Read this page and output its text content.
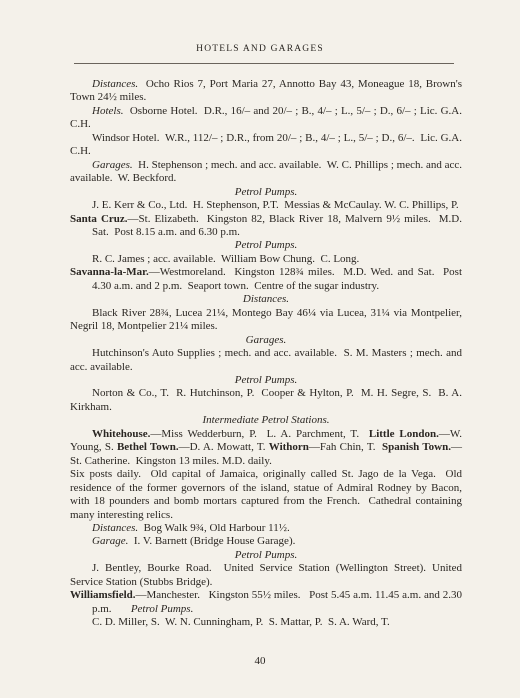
HOTELS AND GARAGES

Distances.  Ocho Rios 7, Port Maria 27, Annotto Bay 43, Moneague 18, Brown's Town 24½ miles.

Hotels.  Osborne Hotel.  D.R., 16/– and 20/– ; B., 4/– ; L., 5/– ; D., 6/– ; Lic. G.A. C.H.

Windsor Hotel.  W.R., 112/– ; D.R., from 20/– ; B., 4/– ; L., 5/– ; D., 6/–.  Lic. G.A. C.H.

Garages.  H. Stephenson ; mech. and acc. available.  W. C. Phillips ; mech. and acc. available.  W. Beckford.

Petrol Pumps.

J. E. Kerr & Co., Ltd.  H. Stephenson, P.T.  Messias & McCaulay. W. C. Phillips, P.

Santa Cruz.—St. Elizabeth.  Kingston 82, Black River 18, Malvern 9½ miles.  M.D. Sat.  Post 8.15 a.m. and 6.30 p.m.

Petrol Pumps.

R. C. James ; acc. available.  William Bow Chung.  C. Long.

Savanna-la-Mar.—Westmoreland.  Kingston 128¾ miles.  M.D. Wed. and Sat.  Post 4.30 a.m. and 2 p.m.  Seaport town.  Centre of the sugar industry.

Distances.

Black River 28¾, Lucea 21¼, Montego Bay 46¼ via Lucea, 31¼ via Montpelier, Negril 18, Montpelier 21¼ miles.

Garages.

Hutchinson's Auto Supplies ; mech. and acc. available.  S. M. Masters ; mech. and acc. available.

Petrol Pumps.

Norton & Co., T.  R. Hutchinson, P.  Cooper & Hylton, P.  M. H. Segre, S.  B. A. Kirkham.

Intermediate Petrol Stations.

Whitehouse.—Miss Wedderburn, P.  L. A. Parchment, T.  Little London.—W. Young, S. Bethel Town.—D. A. Mowatt, T. Withorn—Fah Chin, T.  Spanish Town.—St. Catherine.  Kingston 13 miles. M.D. daily.

Six posts daily.  Old capital of Jamaica, originally called St. Jago de la Vega.  Old residence of the former governors of the island, statue of Admiral Rodney by Bacon, with 18 pounders and bomb mortars captured from the French.  Cathedral containing many interesting relics.

Distances.  Bog Walk 9¾, Old Harbour 11½.

Garage.  I. V. Barnett (Bridge House Garage).

Petrol Pumps.

J. Bentley, Bourke Road.  United Service Station (Wellington Street). United Service Station (Stubbs Bridge).

Williamsfield.—Manchester.   Kingston 55½ miles.   Post 5.45 a.m. 11.45 a.m. and 2.30 p.m.       Petrol Pumps.

C. D. Miller, S.  W. N. Cunningham, P.  S. Mattar, P.  S. A. Ward, T.

40
